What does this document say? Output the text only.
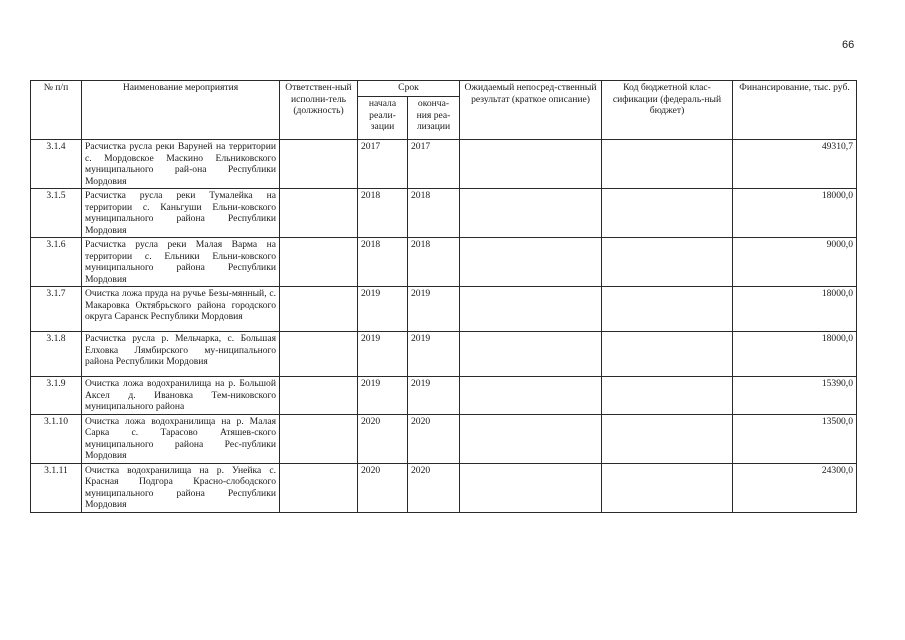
66
№ п/п	Наименование мероприятия	Ответствен-ный исполни-тель (должность)	Срок		Ожидаемый непосред-ственный результат (краткое описание)	Код бюджетной клас-сификации (федераль-ный бюджет)	Финансирование, тыс. руб.
			начала реали-зации	оконча-ния реа-лизации			
3.1.4	Расчистка русла реки Варуней на территории с. Мордовское Маскино Ельниковского муниципального рай-она Республики Мордовия		2017	2017			49310,7
3.1.5	Расчистка русла реки Тумалейка на территории с. Каньгуши Ельни-ковского муниципального района Республики Мордовия		2018	2018			18000,0
3.1.6	Расчистка русла реки Малая Варма на территории с. Ельники Ельни-ковского муниципального района Республики Мордовия		2018	2018			9000,0
3.1.7	Очистка ложа пруда на ручье Безы-мянный, с. Макаровка Октябрьского района городского округа Саранск Республики Мордовия		2019	2019			18000,0
3.1.8	Расчистка русла р. Мельчарка, с. Большая Елховка Лямбирского му-ниципального района Республики Мордовия		2019	2019			18000,0
3.1.9	Очистка ложа водохранилища на р. Большой Аксел д. Ивановка Тем-никовского муниципального района		2019	2019			15390,0
3.1.10	Очистка ложа водохранилища на р. Малая Сарка с. Тарасово Атяшев-ского муниципального района Рес-публики Мордовия		2020	2020			13500,0
3.1.11	Очистка водохранилища на р. Унейка с. Красная Подгора Красно-слободского муниципального района Республики Мордовия		2020	2020			24300,0
